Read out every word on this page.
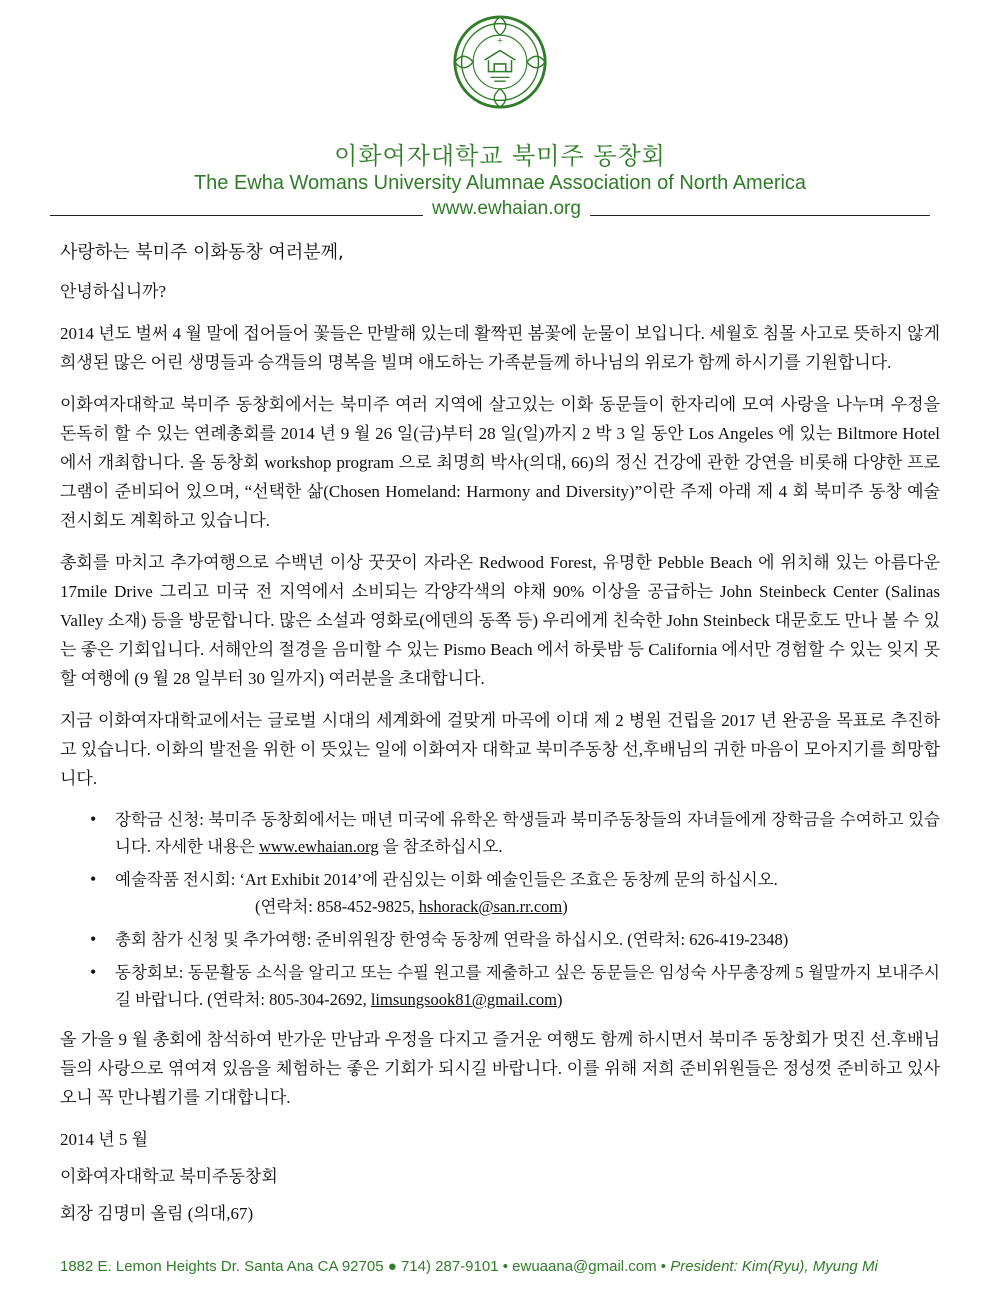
+
이화여자대학교 북미주 동창회
The Ewha Womans University Alumnae Association of North America
www.ewhaian.org

사랑하는 북미주 이화동창 여러분께,

안녕하십니까?

2014 년도 벌써 4 월 말에 접어들어 꽃들은 만발해 있는데 활짝핀 봄꽃에 눈물이 보입니다. 세월호 침몰 사고로 뜻하지 않게 희생된 많은 어린 생명들과 승객들의 명복을 빌며 애도하는 가족분들께 하나님의 위로가 함께 하시기를 기원합니다.

이화여자대학교 북미주 동창회에서는 북미주 여러 지역에 살고있는 이화 동문들이 한자리에 모여 사랑을 나누며 우정을 돈독히 할 수 있는 연례총회를 2014 년 9 월 26 일(금)부터 28 일(일)까지 2 박 3 일 동안 Los Angeles 에 있는 Biltmore Hotel 에서 개최합니다. 올 동창회 workshop program 으로 최명희 박사(의대, 66)의 정신 건강에 관한 강연을 비롯해 다양한 프로그램이 준비되어 있으며, “선택한 삶(Chosen Homeland: Harmony and Diversity)”이란 주제 아래 제 4 회 북미주 동창 예술 전시회도 계획하고 있습니다.

총회를 마치고 추가여행으로 수백년 이상 꿋꿋이 자라온 Redwood Forest, 유명한 Pebble Beach 에 위치해 있는 아름다운 17mile Drive 그리고 미국 전 지역에서 소비되는 각양각색의 야채 90% 이상을 공급하는 John Steinbeck Center (Salinas Valley 소재) 등을 방문합니다. 많은 소설과 영화로(에덴의 동쪽 등) 우리에게 친숙한 John Steinbeck 대문호도 만나 볼 수 있는 좋은 기회입니다. 서해안의 절경을 음미할 수 있는 Pismo Beach 에서 하룻밤 등 California 에서만 경험할 수 있는 잊지 못할 여행에 (9 월 28 일부터 30 일까지) 여러분을 초대합니다.

지금 이화여자대학교에서는 글로벌 시대의 세계화에 걸맞게 마곡에 이대 제 2 병원 건립을 2017 년 완공을 목표로 추진하고 있습니다. 이화의 발전을 위한 이 뜻있는 일에 이화여자 대학교 북미주동창 선,후배님의 귀한 마음이 모아지기를 희망합니다.

• 장학금 신청: 북미주 동창회에서는 매년 미국에 유학온 학생들과 북미주동창들의 자녀들에게 장학금을 수여하고 있습니다. 자세한 내용은 www.ewhaian.org 을 참조하십시오.
• 예술작품 전시회: ‘Art Exhibit 2014’에 관심있는 이화 예술인들은 조효은 동창께 문의 하십시오.
(연락처: 858-452-9825, hshorack@san.rr.com)
• 총회 참가 신청 및 추가여행: 준비위원장 한영숙 동창께 연락을 하십시오. (연락처: 626-419-2348)
• 동창회보: 동문활동 소식을 알리고 또는 수필 원고를 제출하고 싶은 동문들은 임성숙 사무총장께 5 월말까지 보내주시길 바랍니다. (연락처: 805-304-2692, limsungsook81@gmail.com)

올 가을 9 월 총회에 참석하여 반가운 만남과 우정을 다지고 즐거운 여행도 함께 하시면서 북미주 동창회가 멋진 선.후배님들의 사랑으로 엮여져 있음을 체험하는 좋은 기회가 되시길 바랍니다. 이를 위해 저희 준비위원들은 정성껏 준비하고 있사오니 꼭 만나뵙기를 기대합니다.

2014 년 5 월

이화여자대학교 북미주동창회

회장 김명미 올림 (의대,67)

1882 E. Lemon Heights Dr. Santa Ana CA 92705 ● 714) 287-9101 • ewuaana@gmail.com • President: Kim(Ryu), Myung Mi
